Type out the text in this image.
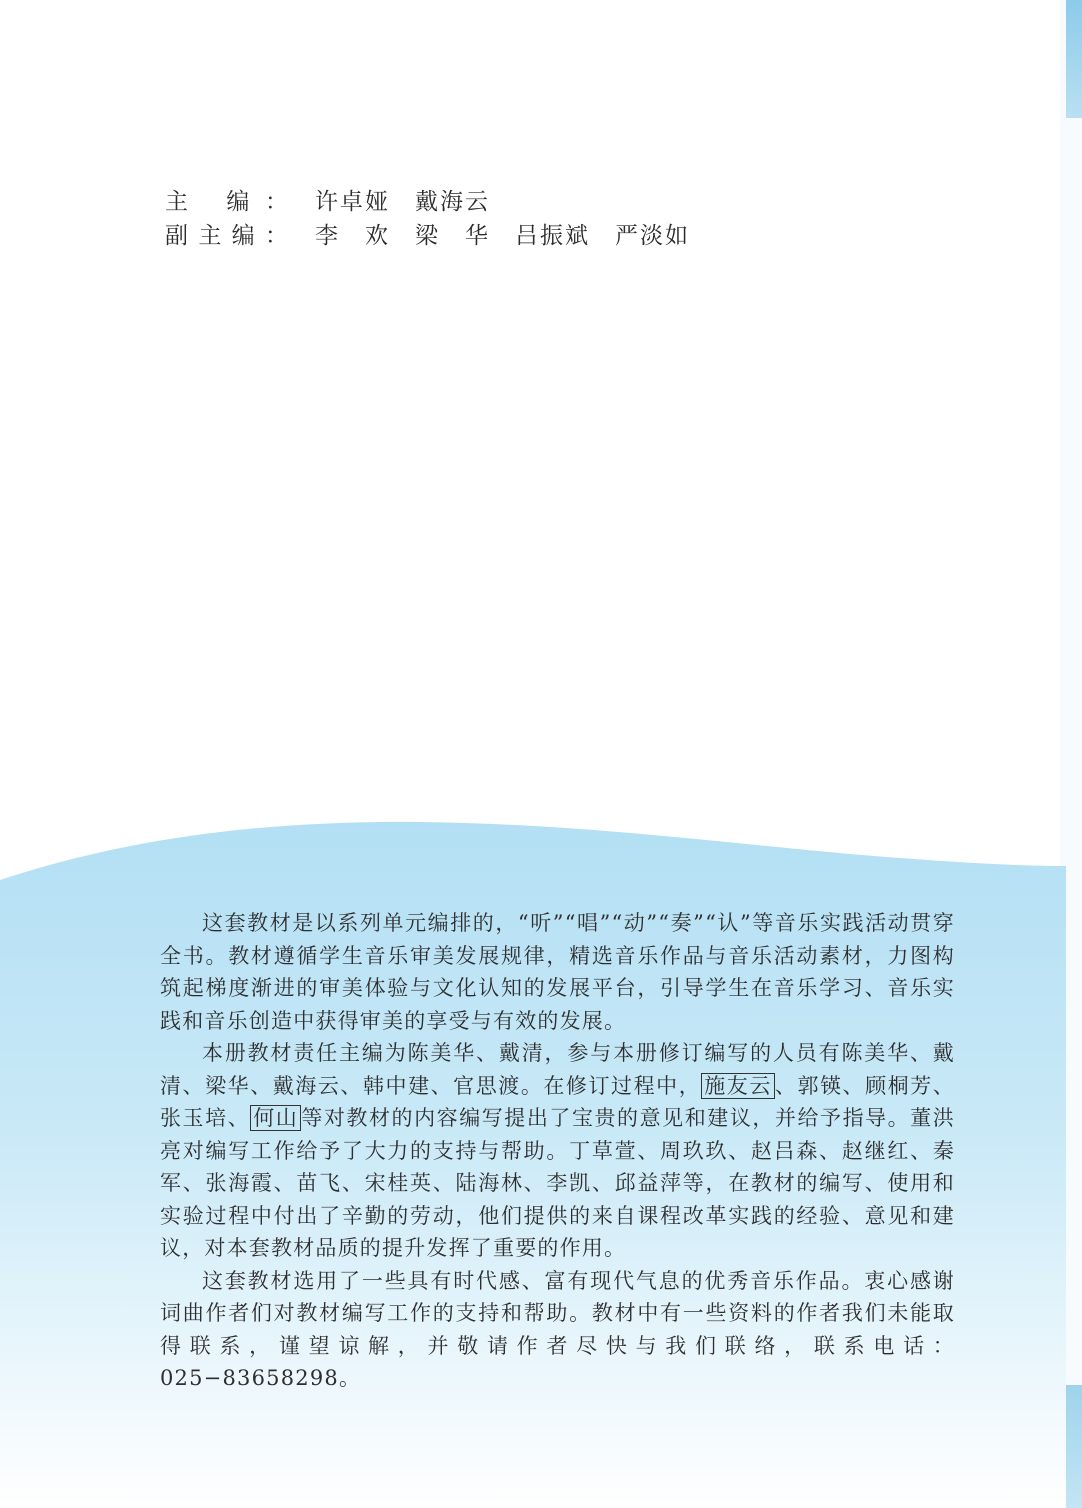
主 编：	许卓娅　戴海云
副主编：	李　欢　梁　华　吕振斌　严淡如

这套教材是以系列单元编排的，“听”“唱”“动”“奏”“认”等音乐实践活动贯穿全书。教材遵循学生音乐审美发展规律，精选音乐作品与音乐活动素材，力图构筑起梯度渐进的审美体验与文化认知的发展平台，引导学生在音乐学习、音乐实践和音乐创造中获得审美的享受与有效的发展。

本册教材责任主编为陈美华、戴清，参与本册修订编写的人员有陈美华、戴清、梁华、戴海云、韩中建、官思渡。在修订过程中， 施友云 、郭锳、顾桐芳、张玉培、 何山 等对教材的内容编写提出了宝贵的意见和建议，并给予指导。董洪亮对编写工作给予了大力的支持与帮助。丁草萱、周玖玖、赵吕森、赵继红、秦军、张海霞、苗飞、宋桂英、陆海林、李凯、邱益萍等，在教材的编写、使用和实验过程中付出了辛勤的劳动，他们提供的来自课程改革实践的经验、意见和建议，对本套教材品质的提升发挥了重要的作用。

这套教材选用了一些具有时代感、富有现代气息的优秀音乐作品。衷心感谢词曲作者们对教材编写工作的支持和帮助。教材中有一些资料的作者我们未能取得联系，谨望谅解，并敬请作者尽快与我们联络，联系电话：025−83658298。
